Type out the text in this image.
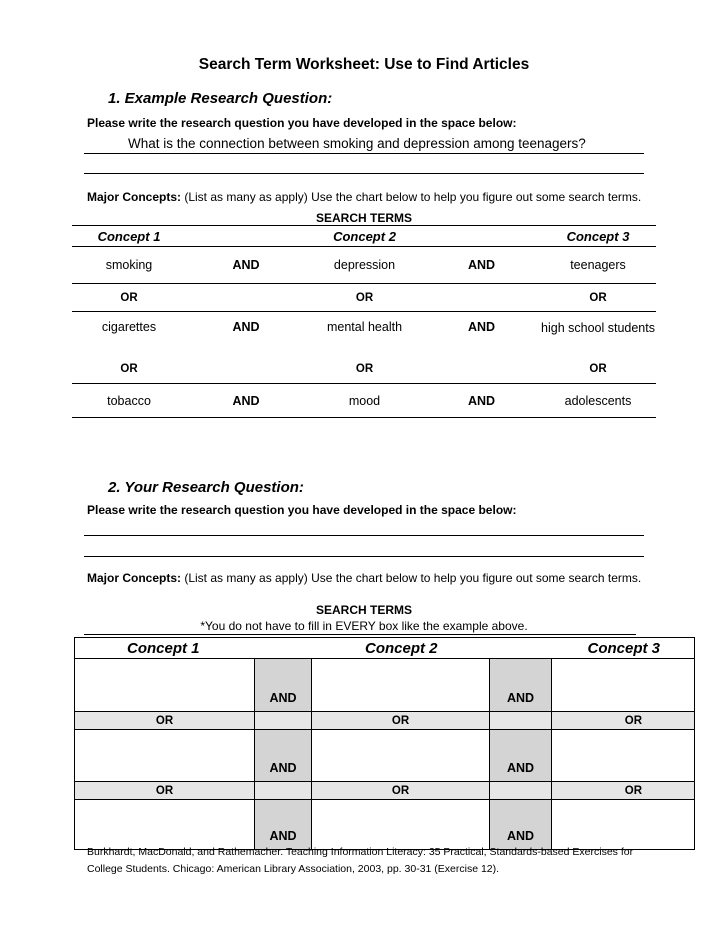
Search Term Worksheet: Use to Find Articles
1. Example Research Question:
Please write the research question you have developed in the space below:
What is the connection between smoking and depression among teenagers?
Major Concepts: (List as many as apply) Use the chart below to help you figure out some search terms.
SEARCH TERMS
Concept 1		Concept 2		Concept 3
smoking	AND	depression	AND	teenagers
OR		OR		OR
cigarettes	AND	mental health	AND	high school students
OR		OR		OR
tobacco	AND	mood	AND	adolescents
2. Your Research Question:
Please write the research question you have developed in the space below:
Major Concepts: (List as many as apply) Use the chart below to help you figure out some search terms.
SEARCH TERMS
*You do not have to fill in EVERY box like the example above.
Concept 1		Concept 2		Concept 3
	AND		AND	
OR		OR		OR
	AND		AND	
OR		OR		OR
	AND		AND	
Burkhardt, MacDonald, and Rathemacher. Teaching Information Literacy: 35 Practical, Standards-based Exercises for College Students. Chicago: American Library Association, 2003, pp. 30-31 (Exercise 12).
